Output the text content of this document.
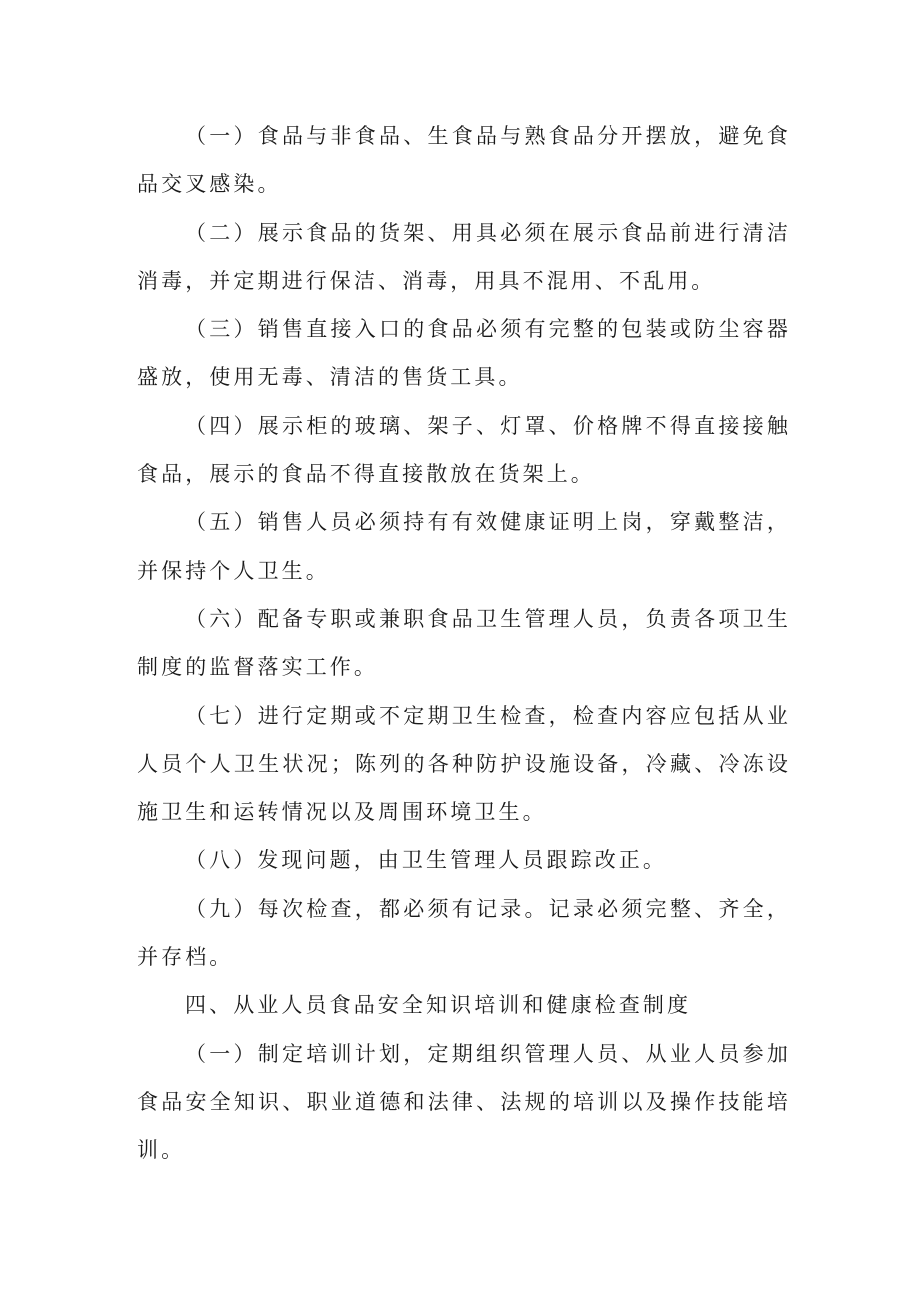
（一）食品与非食品、生食品与熟食品分开摆放，避免食品交叉感染。

（二）展示食品的货架、用具必须在展示食品前进行清洁消毒，并定期进行保洁、消毒，用具不混用、不乱用。

（三）销售直接入口的食品必须有完整的包装或防尘容器盛放，使用无毒、清洁的售货工具。

（四）展示柜的玻璃、架子、灯罩、价格牌不得直接接触食品，展示的食品不得直接散放在货架上。

（五）销售人员必须持有有效健康证明上岗，穿戴整洁，并保持个人卫生。

（六）配备专职或兼职食品卫生管理人员，负责各项卫生制度的监督落实工作。

（七）进行定期或不定期卫生检查，检查内容应包括从业人员个人卫生状况；陈列的各种防护设施设备，冷藏、冷冻设施卫生和运转情况以及周围环境卫生。

（八）发现问题，由卫生管理人员跟踪改正。

（九）每次检查，都必须有记录。记录必须完整、齐全，并存档。

四、从业人员食品安全知识培训和健康检查制度

（一）制定培训计划，定期组织管理人员、从业人员参加食品安全知识、职业道德和法律、法规的培训以及操作技能培训。
